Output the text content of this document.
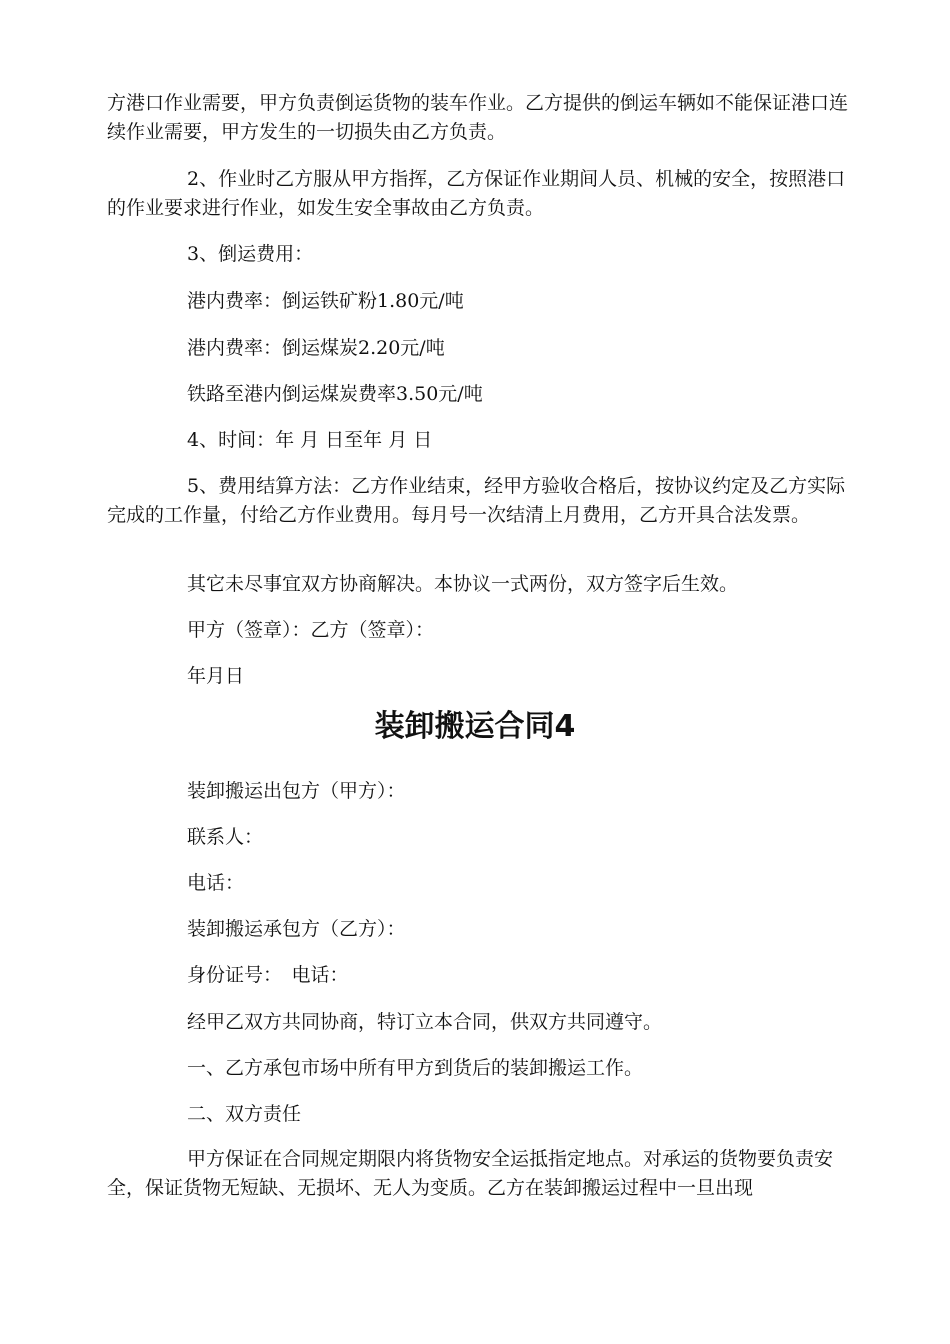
方港口作业需要，甲方负责倒运货物的装车作业。乙方提供的倒运车辆如不能保证港口连续作业需要，甲方发生的一切损失由乙方负责。

2、作业时乙方服从甲方指挥，乙方保证作业期间人员、机械的安全，按照港口的作业要求进行作业，如发生安全事故由乙方负责。

3、倒运费用：

港内费率：倒运铁矿粉1.80元/吨

港内费率：倒运煤炭2.20元/吨

铁路至港内倒运煤炭费率3.50元/吨

4、时间：年 月 日至年 月 日

5、费用结算方法：乙方作业结束，经甲方验收合格后，按协议约定及乙方实际完成的工作量，付给乙方作业费用。每月号一次结清上月费用，乙方开具合法发票。

其它未尽事宜双方协商解决。本协议一式两份，双方签字后生效。

甲方（签章）：乙方（签章）：

年月日

装卸搬运合同4

装卸搬运出包方（甲方）：

联系人：

电话：

装卸搬运承包方（乙方）：

身份证号：　电话：

经甲乙双方共同协商，特订立本合同，供双方共同遵守。

一、乙方承包市场中所有甲方到货后的装卸搬运工作。

二、双方责任

甲方保证在合同规定期限内将货物安全运抵指定地点。对承运的货物要负责安全，保证货物无短缺、无损坏、无人为变质。乙方在装卸搬运过程中一旦出现
